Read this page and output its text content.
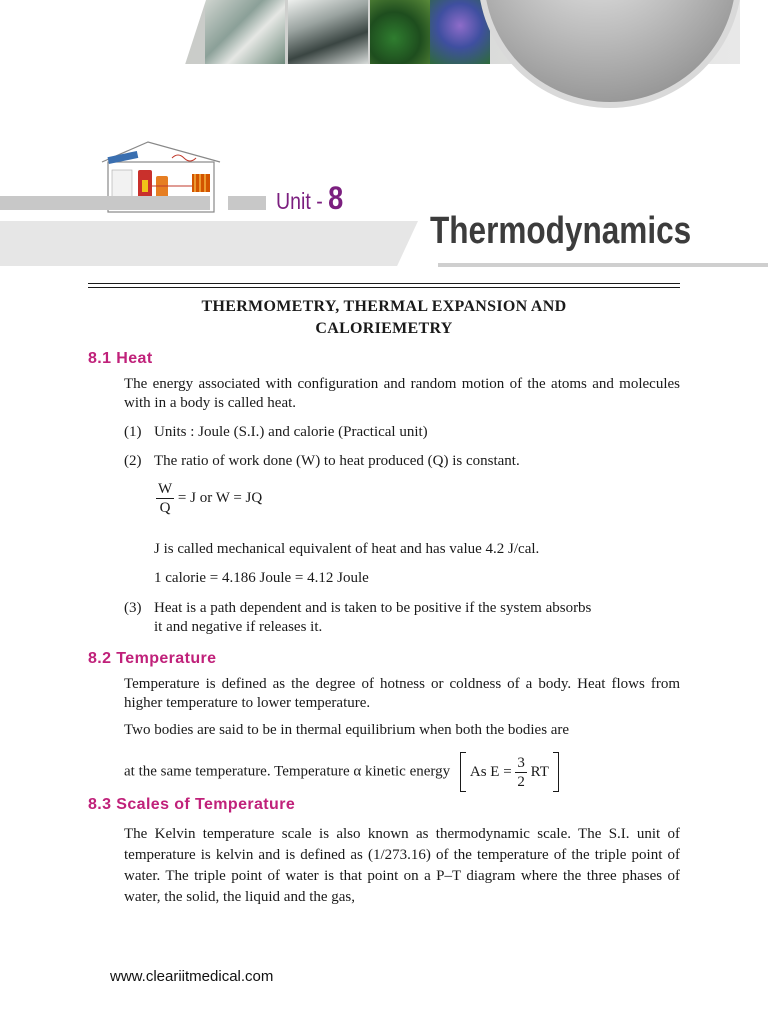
Unit - 8
Thermodynamics
THERMOMETRY, THERMAL EXPANSION AND
CALORIEMETRY
8.1 Heat
The energy associated with configuration and random motion of the atoms and molecules with in a body is called heat.
(1) Units : Joule (S.I.) and calorie (Practical unit)
(2) The ratio of work done (W) to heat produced (Q) is constant.
$\frac{W}{Q} = J$ or W = JQ
J is called mechanical equivalent of heat and has value 4.2 J/cal.
1 calorie = 4.186 Joule = 4.12 Joule
(3) Heat is a path dependent and is taken to be positive if the system absorbs
it and negative if releases it.
8.2 Temperature
Temperature is defined as the degree of hotness or coldness of a body. Heat flows from higher temperature to lower temperature.
Two bodies are said to be in thermal equilibrium when both the bodies are
at the same temperature. Temperature α kinetic energy As $E = \frac{3}{2}$ RT
8.3 Scales of Temperature
The Kelvin temperature scale is also known as thermodynamic scale. The S.I. unit of temperature is kelvin and is defined as (1/273.16) of the temperature of the triple point of water. The triple point of water is that point on a P–T diagram where the three phases of water, the solid, the liquid and the gas,
www.cleariitmedical.com
